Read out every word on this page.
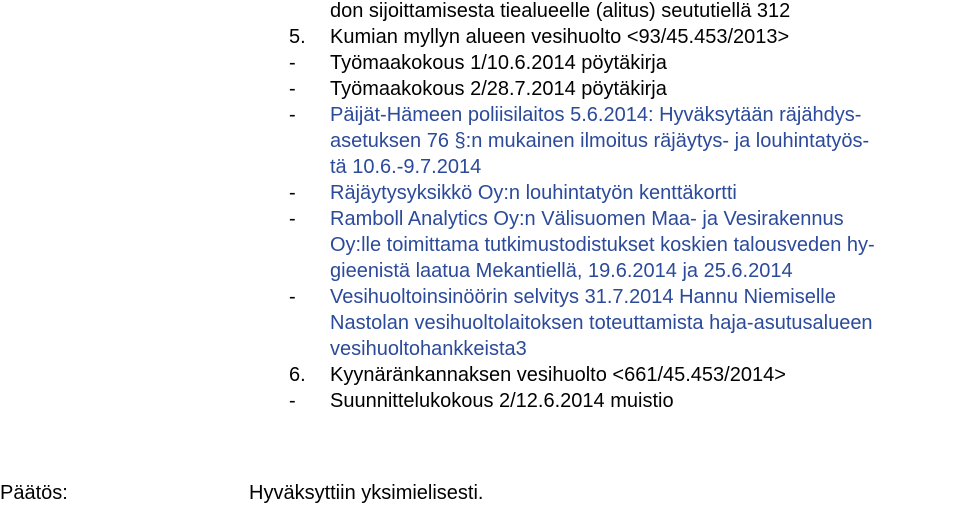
don sijoittamisesta tiealueelle (alitus) seututiellä 312
5. Kumian myllyn alueen vesihuolto <93/45.453/2013>
- Työmaakokous 1/10.6.2014 pöytäkirja
- Työmaakokous 2/28.7.2014 pöytäkirja
- Päijät-Hämeen poliisilaitos 5.6.2014: Hyväksytään räjähdys-
asetuksen 76 §:n mukainen ilmoitus räjäytys- ja louhintatyös-
tä 10.6.-9.7.2014
- Räjäytysyksikkö Oy:n louhintatyön kenttäkortti
- Ramboll Analytics Oy:n Välisuomen Maa- ja Vesirakennus
Oy:lle toimittama tutkimustodistukset koskien talousveden hy-
gieenistä laatua Mekantiellä, 19.6.2014 ja 25.6.2014
- Vesihuoltoinsinöörin selvitys 31.7.2014 Hannu Niemiselle
Nastolan vesihuoltolaitoksen toteuttamista haja-asutusalueen
vesihuoltohankkeista3
6. Kyynäränkannaksen vesihuolto <661/45.453/2014>
- Suunnittelukokous 2/12.6.2014 muistio
Päätös:	Hyväksyttiin yksimielisesti.
